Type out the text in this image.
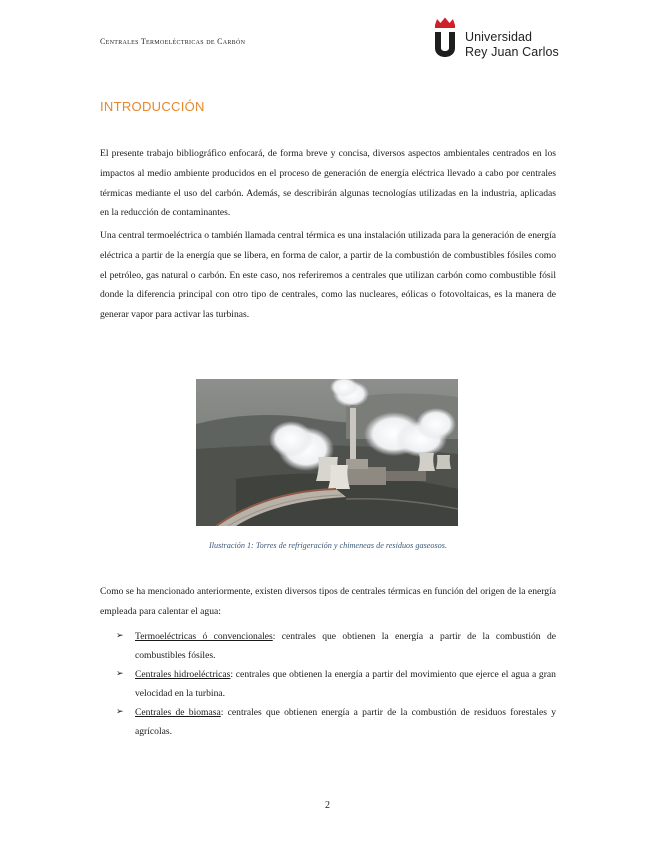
Centrales Termoeléctricas de Carbón	Universidad
Rey Juan Carlos
INTRODUCCIÓN

El presente trabajo bibliográfico enfocará, de forma breve y concisa, diversos aspectos ambientales centrados en los impactos al medio ambiente producidos en el proceso de generación de energía eléctrica llevado a cabo por centrales térmicas mediante el uso del carbón. Además, se describirán algunas tecnologías utilizadas en la industria, aplicadas en la reducción de contaminantes.

Una central termoeléctrica o también llamada central térmica es una instalación utilizada para la generación de energía eléctrica a partir de la energía que se libera, en forma de calor, a partir de la combustión de combustibles fósiles como el petróleo, gas natural o carbón. En este caso, nos referiremos a centrales que utilizan carbón como combustible fósil donde la diferencia principal con otro tipo de centrales, como las nucleares, eólicas o fotovoltaicas, es la manera de generar vapor para activar las turbinas.

Ilustración 1: Torres de refrigeración y chimeneas de residuos gaseosos.

Como se ha mencionado anteriormente, existen diversos tipos de centrales térmicas en función del origen de la energía empleada para calentar el agua:

➢ Termoeléctricas ó convencionales: centrales que obtienen la energía a partir de la combustión de combustibles fósiles.
➢ Centrales hidroeléctricas: centrales que obtienen la energía a partir del movimiento que ejerce el agua a gran velocidad en la turbina.
➢ Centrales de biomasa: centrales que obtienen energía a partir de la combustión de residuos forestales y agrícolas.
2
